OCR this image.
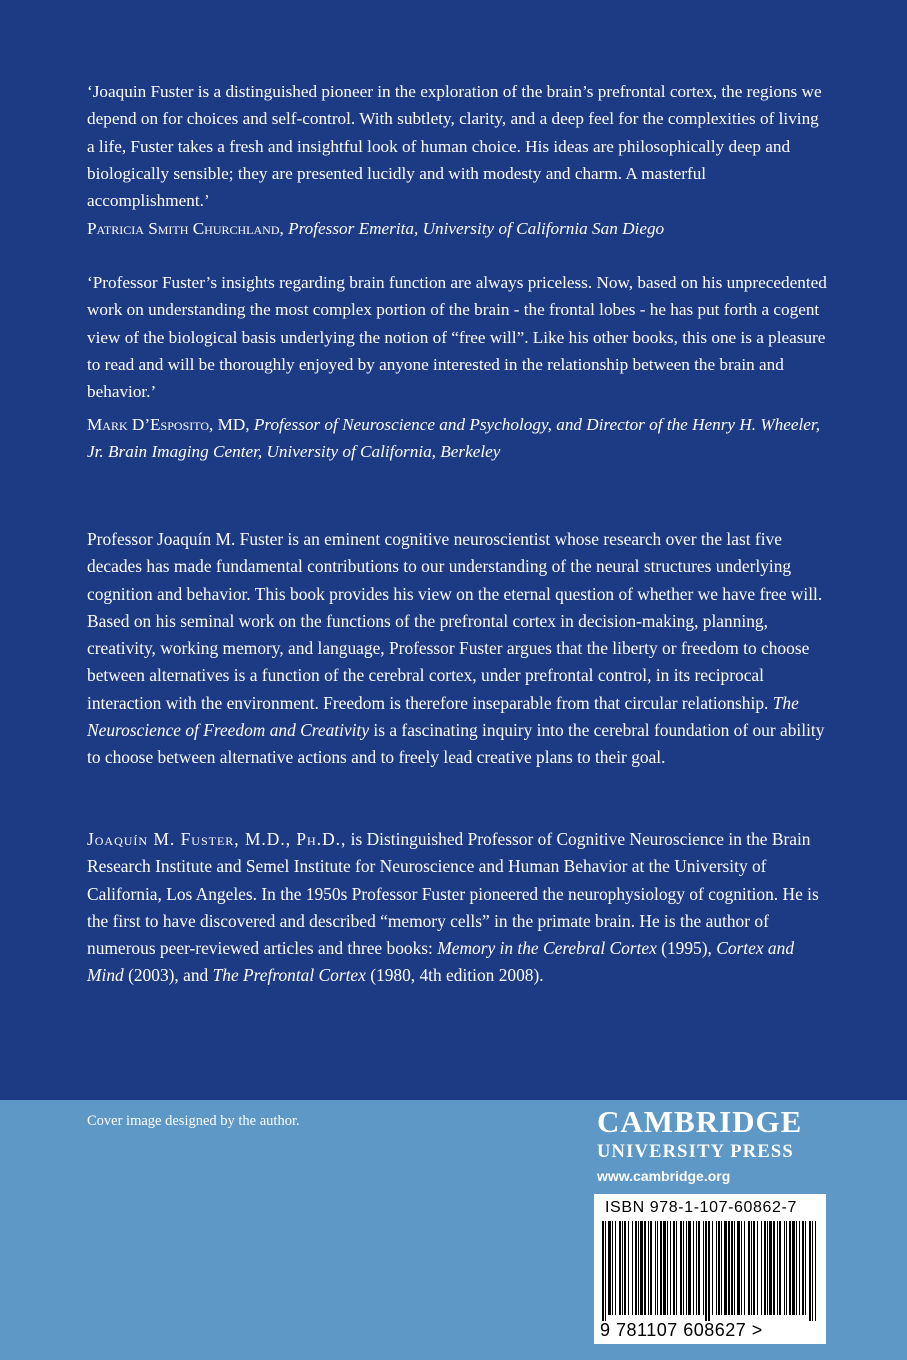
‘Joaquin Fuster is a distinguished pioneer in the exploration of the brain’s prefrontal cortex, the regions we depend on for choices and self-control. With subtlety, clarity, and a deep feel for the complexities of living a life, Fuster takes a fresh and insightful look of human choice. His ideas are philosophically deep and biologically sensible; they are presented lucidly and with modesty and charm. A masterful accomplishment.’
Patricia Smith Churchland, Professor Emerita, University of California San Diego
‘Professor Fuster’s insights regarding brain function are always priceless. Now, based on his unprecedented work on understanding the most complex portion of the brain - the frontal lobes - he has put forth a cogent view of the biological basis underlying the notion of “free will”. Like his other books, this one is a pleasure to read and will be thoroughly enjoyed by anyone interested in the relationship between the brain and behavior.’
Mark D’Esposito, MD, Professor of Neuroscience and Psychology, and Director of the Henry H. Wheeler, Jr. Brain Imaging Center, University of California, Berkeley
Professor Joaquín M. Fuster is an eminent cognitive neuroscientist whose research over the last five decades has made fundamental contributions to our understanding of the neural structures underlying cognition and behavior. This book provides his view on the eternal question of whether we have free will. Based on his seminal work on the functions of the prefrontal cortex in decision-making, planning, creativity, working memory, and language, Professor Fuster argues that the liberty or freedom to choose between alternatives is a function of the cerebral cortex, under prefrontal control, in its reciprocal interaction with the environment. Freedom is therefore inseparable from that circular relationship. The Neuroscience of Freedom and Creativity is a fascinating inquiry into the cerebral foundation of our ability to choose between alternative actions and to freely lead creative plans to their goal.
Joaquín M. Fuster, M.D., Ph.D., is Distinguished Professor of Cognitive Neuroscience in the Brain Research Institute and Semel Institute for Neuroscience and Human Behavior at the University of California, Los Angeles. In the 1950s Professor Fuster pioneered the neurophysiology of cognition. He is the first to have discovered and described “memory cells” in the primate brain. He is the author of numerous peer-reviewed articles and three books: Memory in the Cerebral Cortex (1995), Cortex and Mind (2003), and The Prefrontal Cortex (1980, 4th edition 2008).
Cover image designed by the author.	CAMBRIDGE
UNIVERSITY PRESS
www.cambridge.org
ISBN 978-1-107-60862-7
9 781107 608627 >
